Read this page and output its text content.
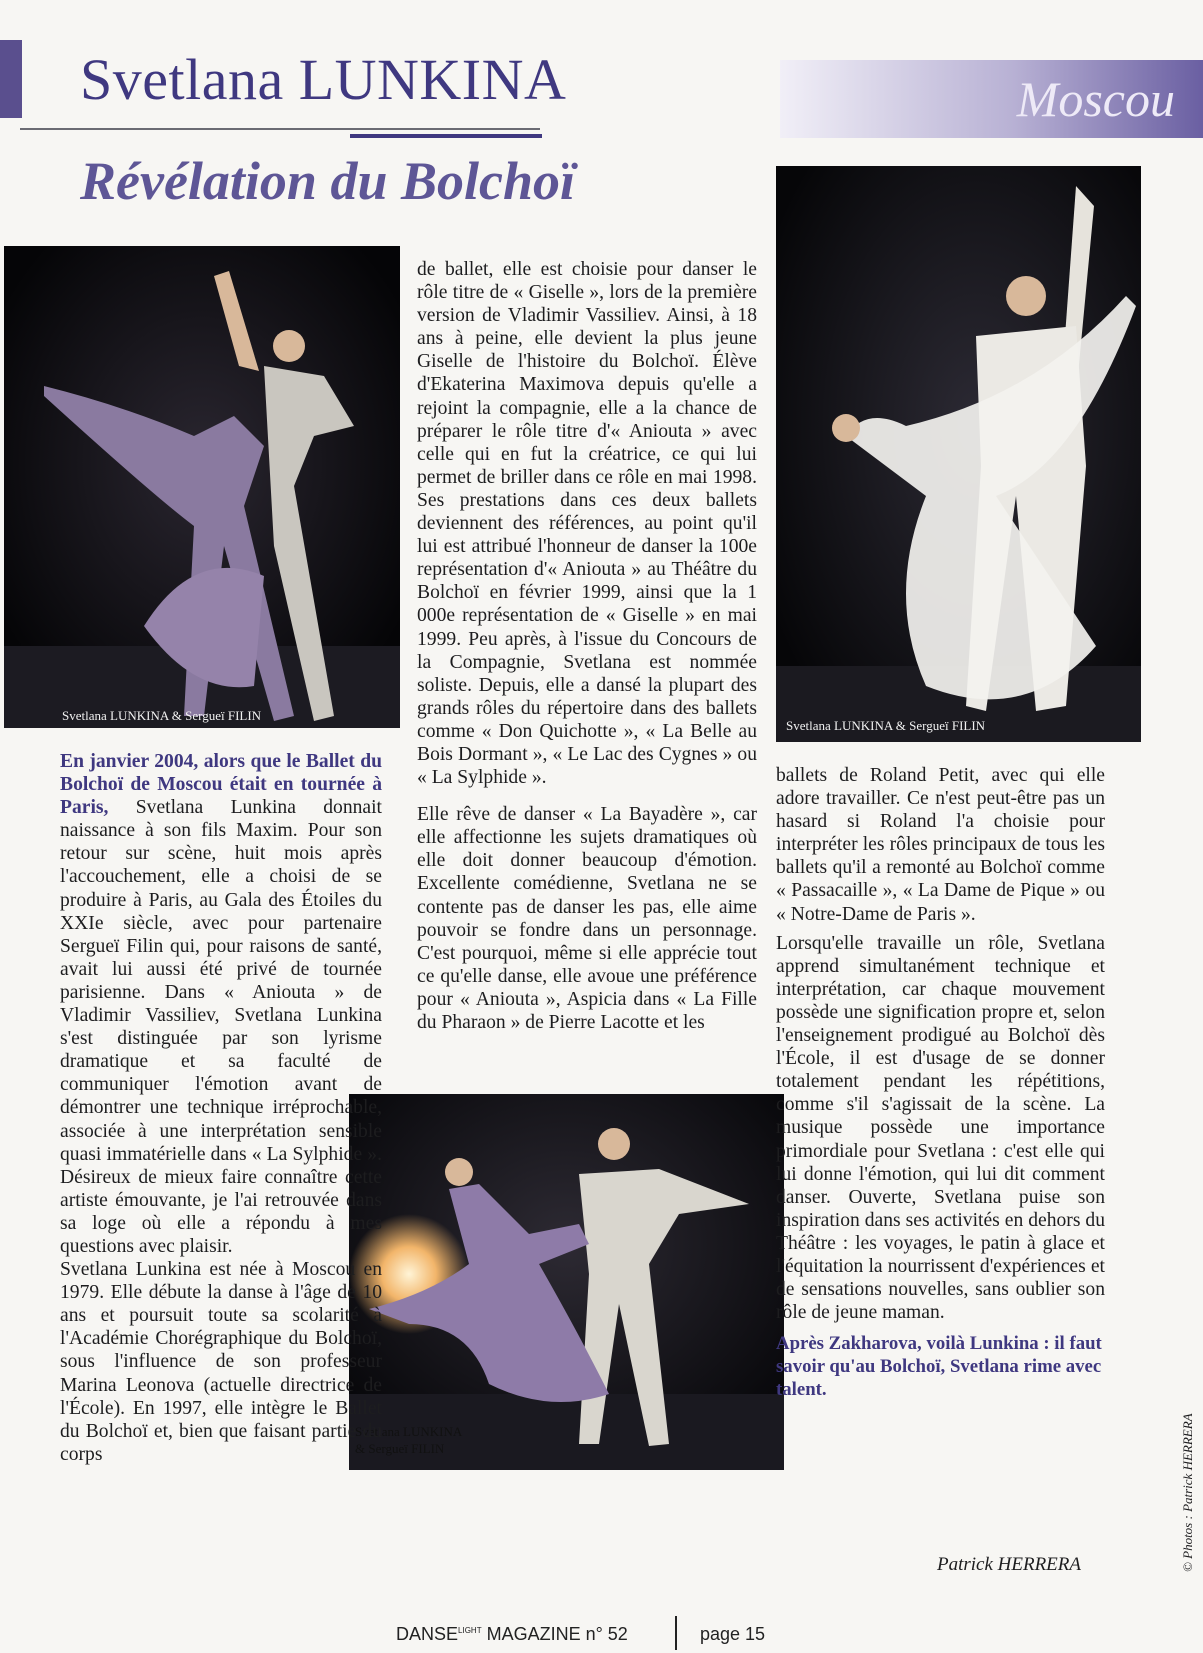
Svetlana LUNKINA
Révélation du Bolchoï
Moscou
Svetlana LUNKINA & Sergueï FILIN
Svetlana LUNKINA & Sergueï FILIN
Svetlana LUNKINA
& Sergueï FILIN

En janvier 2004, alors que le Ballet du Bolchoï de Moscou était en tournée à Paris, Svetlana Lunkina donnait naissance à son fils Maxim. Pour son retour sur scène, huit mois après l'accouchement, elle a choisi de se produire à Paris, au Gala des Étoiles du XXIe siècle, avec pour partenaire Sergueï Filin qui, pour raisons de santé, avait lui aussi été privé de tournée parisienne. Dans « Aniouta » de Vladimir Vassiliev, Svetlana Lunkina s'est distinguée par son lyrisme dramatique et sa faculté de communiquer l'émotion avant de démontrer une technique irréprochable, associée à une interprétation sensible quasi immatérielle dans « La Sylphide ». Désireux de mieux faire connaître cette artiste émouvante, je l'ai retrouvée dans sa loge où elle a répondu à mes questions avec plaisir.

Svetlana Lunkina est née à Moscou en 1979. Elle débute la danse à l'âge de 10 ans et poursuit toute sa scolarité à l'Académie Chorégraphique du Bolchoï, sous l'influence de son professeur Marina Leonova (actuelle directrice de l'École). En 1997, elle intègre le Ballet du Bolchoï et, bien que faisant partie du corps

de ballet, elle est choisie pour danser le rôle titre de « Giselle », lors de la première version de Vladimir Vassiliev. Ainsi, à 18 ans à peine, elle devient la plus jeune Giselle de l'histoire du Bolchoï. Élève d'Ekaterina Maximova depuis qu'elle a rejoint la compagnie, elle a la chance de préparer le rôle titre d'« Aniouta » avec celle qui en fut la créatrice, ce qui lui permet de briller dans ce rôle en mai 1998. Ses prestations dans ces deux ballets deviennent des références, au point qu'il lui est attribué l'honneur de danser la 100e représentation d'« Aniouta » au Théâtre du Bolchoï en février 1999, ainsi que la 1 000e représentation de « Giselle » en mai 1999. Peu après, à l'issue du Concours de la Compagnie, Svetlana est nommée soliste. Depuis, elle a dansé la plupart des grands rôles du répertoire dans des ballets comme « Don Quichotte », « La Belle au Bois Dormant », « Le Lac des Cygnes » ou « La Sylphide ».

Elle rêve de danser « La Bayadère », car elle affectionne les sujets dramatiques où elle doit donner beaucoup d'émotion. Excellente comédienne, Svetlana ne se contente pas de danser les pas, elle aime pouvoir se fondre dans un personnage. C'est pourquoi, même si elle apprécie tout ce qu'elle danse, elle avoue une préférence pour « Aniouta », Aspicia dans « La Fille du Pharaon » de Pierre Lacotte et les

ballets de Roland Petit, avec qui elle adore travailler. Ce n'est peut-être pas un hasard si Roland l'a choisie pour interpréter les rôles principaux de tous les ballets qu'il a remonté au Bolchoï comme « Passacaille », « La Dame de Pique » ou « Notre-Dame de Paris ».

Lorsqu'elle travaille un rôle, Svetlana apprend simultanément technique et interprétation, car chaque mouvement possède une signification propre et, selon l'enseignement prodigué au Bolchoï dès l'École, il est d'usage de se donner totalement pendant les répétitions, comme s'il s'agissait de la scène. La musique possède une importance primordiale pour Svetlana : c'est elle qui lui donne l'émotion, qui lui dit comment danser. Ouverte, Svetlana puise son inspiration dans ses activités en dehors du Théâtre : les voyages, le patin à glace et l'équitation la nourrissent d'expériences et de sensations nouvelles, sans oublier son rôle de jeune maman.

Après Zakharova, voilà Lunkina : il faut savoir qu'au Bolchoï, Svetlana rime avec talent.

Patrick HERRERA	© Photos : Patrick HERRERA
$DANSE^{LIGHT}$ MAGAZINE n° 52	page 15
